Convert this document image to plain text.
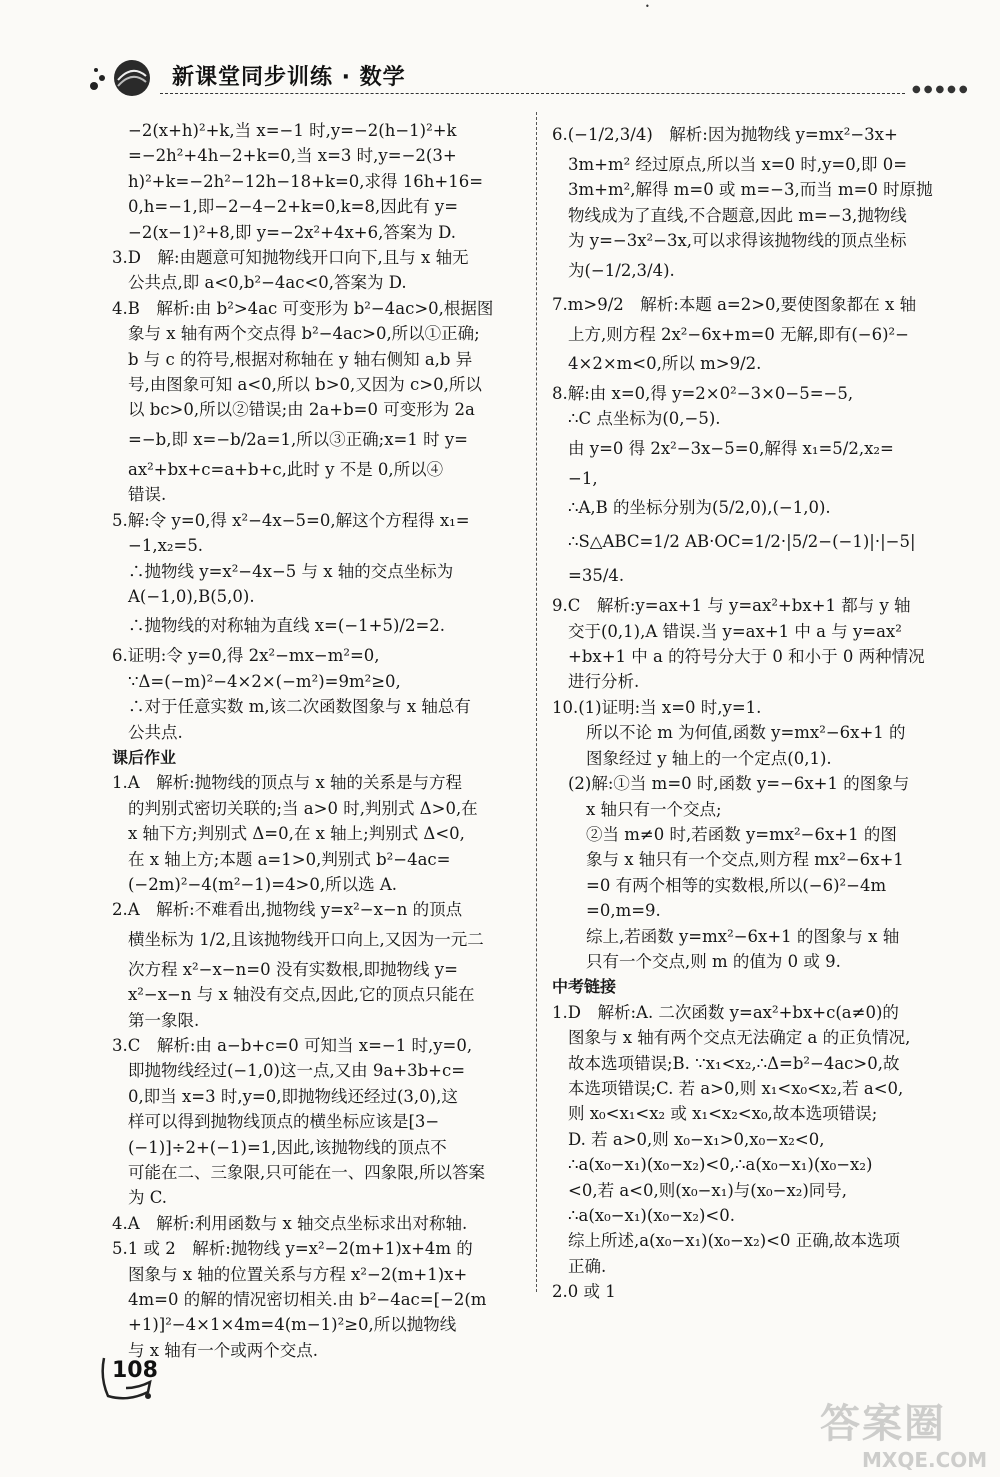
•
新课堂同步训练 · 数学	●●●●●

−2(x+h)²+k,当 x=−1 时,y=−2(h−1)²+k

=−2h²+4h−2+k=0,当 x=3 时,y=−2(3+

h)²+k=−2h²−12h−18+k=0,求得 16h+16=

0,h=−1,即−2−4−2+k=0,k=8,因此有 y=

−2(x−1)²+8,即 y=−2x²+4x+6,答案为 D.

3.D　解:由题意可知抛物线开口向下,且与 x 轴无

公共点,即 a<0,b²−4ac<0,答案为 D.

4.B　解析:由 b²>4ac 可变形为 b²−4ac>0,根据图

象与 x 轴有两个交点得 b²−4ac>0,所以①正确;

b 与 c 的符号,根据对称轴在 y 轴右侧知 a,b 异

号,由图象可知 a<0,所以 b>0,又因为 c>0,所以

以 bc>0,所以②错误;由 2a+b=0 可变形为 2a

=−b,即 x=−b/2a=1,所以③正确;x=1 时 y=

ax²+bx+c=a+b+c,此时 y 不是 0,所以④

错误.

5.解:令 y=0,得 x²−4x−5=0,解这个方程得 x₁=

−1,x₂=5.

∴抛物线 y=x²−4x−5 与 x 轴的交点坐标为

A(−1,0),B(5,0).

∴抛物线的对称轴为直线 x=(−1+5)/2=2.

6.证明:令 y=0,得 2x²−mx−m²=0,

∵Δ=(−m)²−4×2×(−m²)=9m²≥0,

∴对于任意实数 m,该二次函数图象与 x 轴总有

公共点.

课后作业

1.A　解析:抛物线的顶点与 x 轴的关系是与方程

的判别式密切关联的;当 a>0 时,判别式 Δ>0,在

x 轴下方;判别式 Δ=0,在 x 轴上;判别式 Δ<0,

在 x 轴上方;本题 a=1>0,判别式 b²−4ac=

(−2m)²−4(m²−1)=4>0,所以选 A.

2.A　解析:不难看出,抛物线 y=x²−x−n 的顶点

横坐标为 1/2,且该抛物线开口向上,又因为一元二

次方程 x²−x−n=0 没有实数根,即抛物线 y=

x²−x−n 与 x 轴没有交点,因此,它的顶点只能在

第一象限.

3.C　解析:由 a−b+c=0 可知当 x=−1 时,y=0,

即抛物线经过(−1,0)这一点,又由 9a+3b+c=

0,即当 x=3 时,y=0,即抛物线还经过(3,0),这

样可以得到抛物线顶点的横坐标应该是[3−

(−1)]÷2+(−1)=1,因此,该抛物线的顶点不

可能在二、三象限,只可能在一、四象限,所以答案

为 C.

4.A　解析:利用函数与 x 轴交点坐标求出对称轴.

5.1 或 2　解析:抛物线 y=x²−2(m+1)x+4m 的

图象与 x 轴的位置关系与方程 x²−2(m+1)x+

4m=0 的解的情况密切相关.由 b²−4ac=[−2(m

+1)]²−4×1×4m=4(m−1)²≥0,所以抛物线

与 x 轴有一个或两个交点.

6.(−1/2,3/4)　解析:因为抛物线 y=mx²−3x+

3m+m² 经过原点,所以当 x=0 时,y=0,即 0=

3m+m²,解得 m=0 或 m=−3,而当 m=0 时原抛

物线成为了直线,不合题意,因此 m=−3,抛物线

为 y=−3x²−3x,可以求得该抛物线的顶点坐标

为(−1/2,3/4).

7.m>9/2　解析:本题 a=2>0,要使图象都在 x 轴

上方,则方程 2x²−6x+m=0 无解,即有(−6)²−

4×2×m<0,所以 m>9/2.

8.解:由 x=0,得 y=2×0²−3×0−5=−5,

∴C 点坐标为(0,−5).

由 y=0 得 2x²−3x−5=0,解得 x₁=5/2,x₂=

−1,

∴A,B 的坐标分别为(5/2,0),(−1,0).

∴S△ABC=1/2 AB·OC=1/2·|5/2−(−1)|·|−5|

=35/4.

9.C　解析:y=ax+1 与 y=ax²+bx+1 都与 y 轴

交于(0,1),A 错误.当 y=ax+1 中 a 与 y=ax²

+bx+1 中 a 的符号分大于 0 和小于 0 两种情况

进行分析.

10.(1)证明:当 x=0 时,y=1.

所以不论 m 为何值,函数 y=mx²−6x+1 的

图象经过 y 轴上的一个定点(0,1).

(2)解:①当 m=0 时,函数 y=−6x+1 的图象与

x 轴只有一个交点;

②当 m≠0 时,若函数 y=mx²−6x+1 的图

象与 x 轴只有一个交点,则方程 mx²−6x+1

=0 有两个相等的实数根,所以(−6)²−4m

=0,m=9.

综上,若函数 y=mx²−6x+1 的图象与 x 轴

只有一个交点,则 m 的值为 0 或 9.

中考链接

1.D　解析:A. 二次函数 y=ax²+bx+c(a≠0)的

图象与 x 轴有两个交点无法确定 a 的正负情况,

故本选项错误;B. ∵x₁<x₂,∴Δ=b²−4ac>0,故

本选项错误;C. 若 a>0,则 x₁<x₀<x₂,若 a<0,

则 x₀<x₁<x₂ 或 x₁<x₂<x₀,故本选项错误;

D. 若 a>0,则 x₀−x₁>0,x₀−x₂<0,

∴a(x₀−x₁)(x₀−x₂)<0,∴a(x₀−x₁)(x₀−x₂)

<0,若 a<0,则(x₀−x₁)与(x₀−x₂)同号,

∴a(x₀−x₁)(x₀−x₂)<0.

综上所述,a(x₀−x₁)(x₀−x₂)<0 正确,故本选项

正确.

2.0 或 1

108
答案圈
MXQE.COM
